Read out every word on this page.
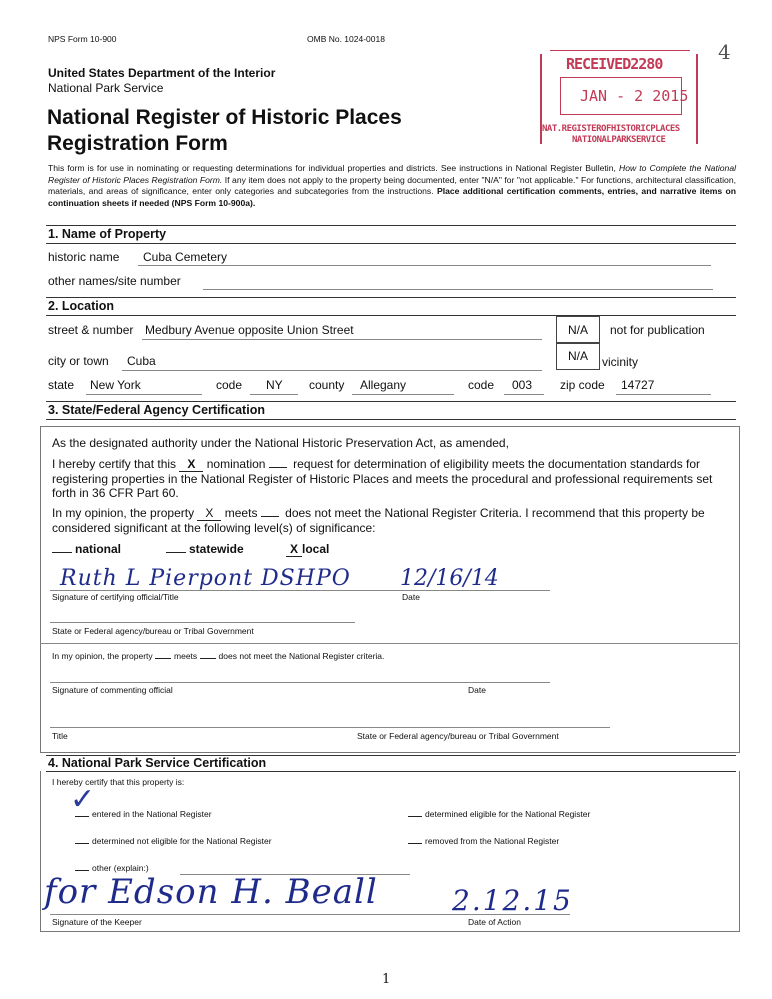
NPS Form 10-900	OMB No. 1024-0018
4
United States Department of the Interior
National Park Service
National Register of Historic Places
Registration Form
RECEIVED2280
JAN - 2 2015
NAT.REGISTEROFHISTORICPLACES
NATIONALPARKSERVICE
This form is for use in nominating or requesting determinations for individual properties and districts. See instructions in National Register Bulletin, How to Complete the National Register of Historic Places Registration Form. If any item does not apply to the property being documented, enter "N/A" for "not applicable." For functions, architectural classification, materials, and areas of significance, enter only categories and subcategories from the instructions. Place additional certification comments, entries, and narrative items on continuation sheets if needed (NPS Form 10-900a).
1. Name of Property
historic name Cuba Cemetery
other names/site number
2. Location
street & number Medbury Avenue opposite Union Street	N/A	not for publication
city or town Cuba	N/A	vicinity
state New York	code NY county Allegany	code 003 zip code 14727
3. State/Federal Agency Certification
As the designated authority under the National Historic Preservation Act, as amended,
I hereby certify that this X nomination request for determination of eligibility meets the documentation standards for registering properties in the National Register of Historic Places and meets the procedural and professional requirements set forth in 36 CFR Part 60.
In my opinion, the property X meets does not meet the National Register Criteria. I recommend that this property be considered significant at the following level(s) of significance:
national	statewide	X local
Ruth L Pierpont DSHPO 12/16/14
Signature of certifying official/Title	Date
State or Federal agency/bureau or Tribal Government
In my opinion, the property	meets	does not meet the National Register criteria.
Signature of commenting official	Date
Title	State or Federal agency/bureau or Tribal Government
4. National Park Service Certification
I hereby certify that this property is:
✓
entered in the National Register	determined eligible for the National Register
determined not eligible for the National Register	removed from the National Register
other (explain:)
for Edson H. Beall	2.12.15
Signature of the Keeper	Date of Action
1
